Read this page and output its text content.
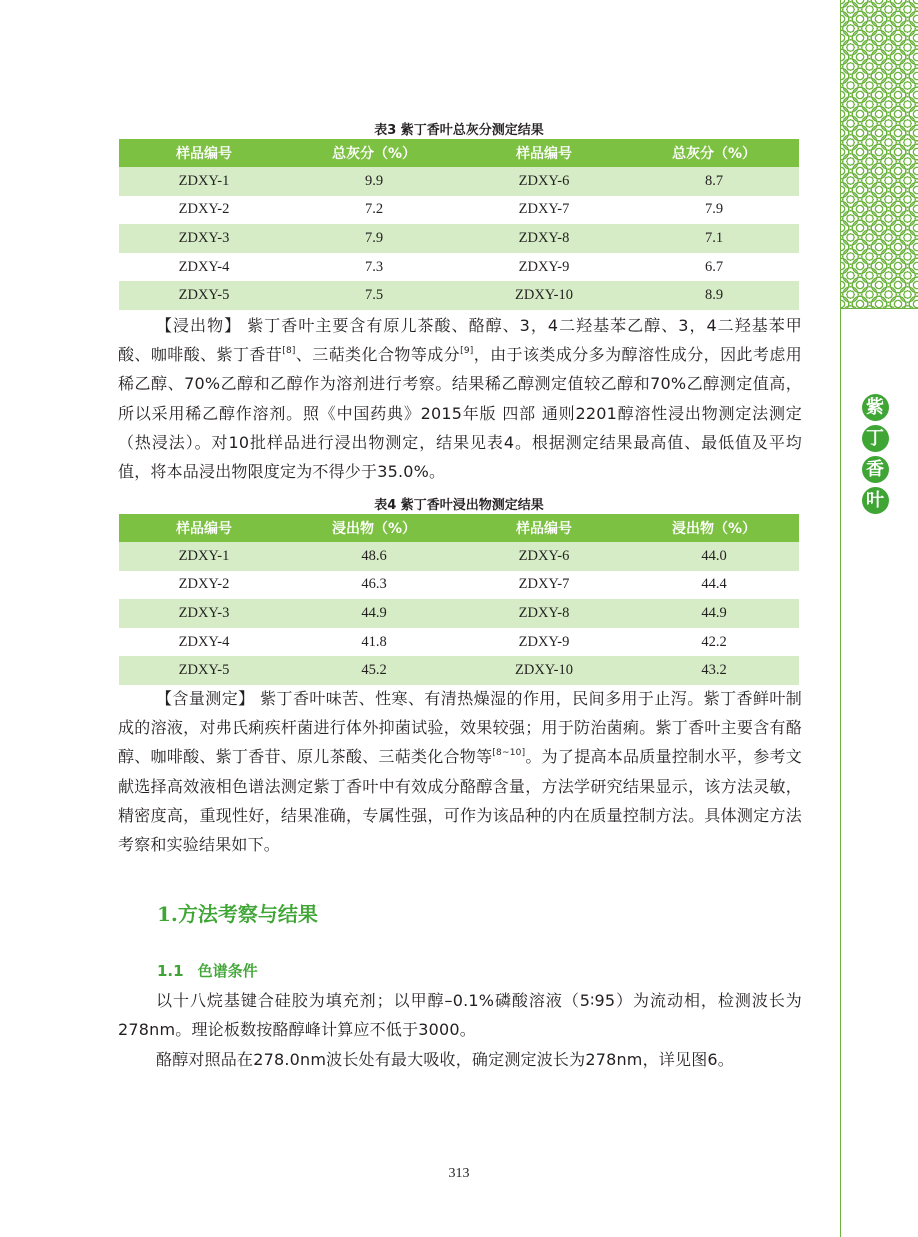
紫
丁
香
叶
表3 紫丁香叶总灰分测定结果
样品编号	总灰分（%）	样品编号	总灰分（%）
ZDXY-1	9.9	ZDXY-6	8.7
ZDXY-2	7.2	ZDXY-7	7.9
ZDXY-3	7.9	ZDXY-8	7.1
ZDXY-4	7.3	ZDXY-9	6.7
ZDXY-5	7.5	ZDXY-10	8.9

【浸出物】 紫丁香叶主要含有原儿茶酸、酪醇、3，4二羟基苯乙醇、3，4二羟基苯甲酸、咖啡酸、紫丁香苷[8]、三萜类化合物等成分[9]，由于该类成分多为醇溶性成分，因此考虑用稀乙醇、70%乙醇和乙醇作为溶剂进行考察。结果稀乙醇测定值较乙醇和70%乙醇测定值高，所以采用稀乙醇作溶剂。照《中国药典》2015年版 四部 通则2201醇溶性浸出物测定法测定（热浸法）。对10批样品进行浸出物测定，结果见表4。根据测定结果最高值、最低值及平均值，将本品浸出物限度定为不得少于35.0%。

表4 紫丁香叶浸出物测定结果
样品编号	浸出物（%）	样品编号	浸出物（%）
ZDXY-1	48.6	ZDXY-6	44.0
ZDXY-2	46.3	ZDXY-7	44.4
ZDXY-3	44.9	ZDXY-8	44.9
ZDXY-4	41.8	ZDXY-9	42.2
ZDXY-5	45.2	ZDXY-10	43.2

【含量测定】 紫丁香叶味苦、性寒、有清热燥湿的作用，民间多用于止泻。紫丁香鲜叶制成的溶液，对弗氏痢疾杆菌进行体外抑菌试验，效果较强；用于防治菌痢。紫丁香叶主要含有酪醇、咖啡酸、紫丁香苷、原儿茶酸、三萜类化合物等[8~10]。为了提高本品质量控制水平，参考文献选择高效液相色谱法测定紫丁香叶中有效成分酪醇含量，方法学研究结果显示，该方法灵敏，精密度高，重现性好，结果准确，专属性强，可作为该品种的内在质量控制方法。具体测定方法考察和实验结果如下。

1.方法考察与结果
1.1 色谱条件

以十八烷基键合硅胶为填充剂；以甲醇–0.1%磷酸溶液（5∶95）为流动相，检测波长为278nm。理论板数按酪醇峰计算应不低于3000。

酪醇对照品在278.0nm波长处有最大吸收，确定测定波长为278nm，详见图6。

313
